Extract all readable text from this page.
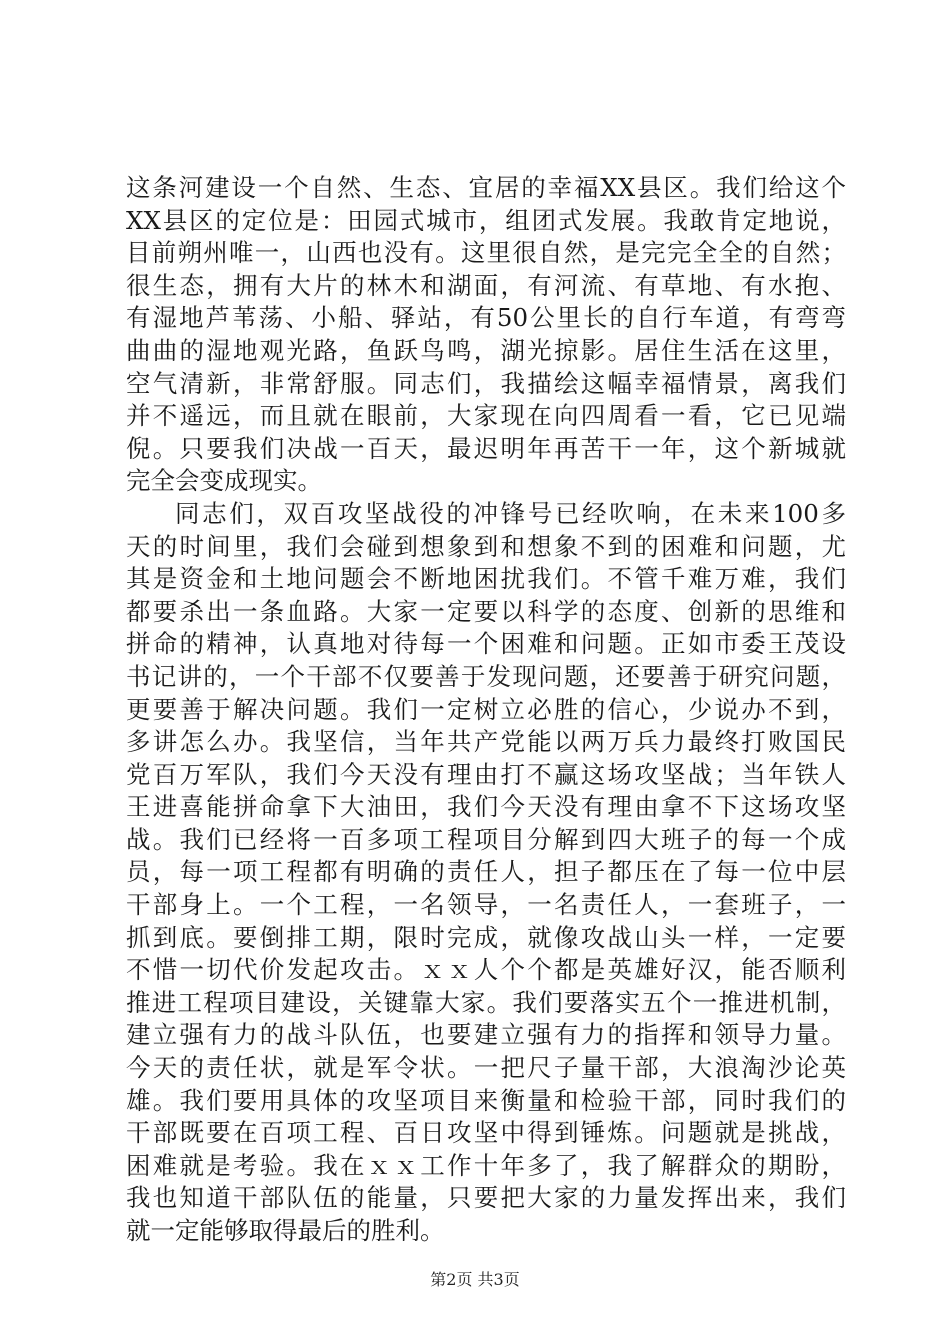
这条河建设一个自然、生态、宜居的幸福XX县区。我们给这个
XX县区的定位是：田园式城市，组团式发展。我敢肯定地说，
目前朔州唯一，山西也没有。这里很自然，是完完全全的自然；
很生态，拥有大片的林木和湖面，有河流、有草地、有水抱、
有湿地芦苇荡、小船、驿站，有50公里长的自行车道，有弯弯
曲曲的湿地观光路，鱼跃鸟鸣，湖光掠影。居住生活在这里，
空气清新，非常舒服。同志们，我描绘这幅幸福情景，离我们
并不遥远，而且就在眼前，大家现在向四周看一看，它已见端
倪。只要我们决战一百天，最迟明年再苦干一年，这个新城就
完全会变成现实。
同志们，双百攻坚战役的冲锋号已经吹响，在未来100多
天的时间里，我们会碰到想象到和想象不到的困难和问题，尤
其是资金和土地问题会不断地困扰我们。不管千难万难，我们
都要杀出一条血路。大家一定要以科学的态度、创新的思维和
拼命的精神，认真地对待每一个困难和问题。正如市委王茂设
书记讲的，一个干部不仅要善于发现问题，还要善于研究问题，
更要善于解决问题。我们一定树立必胜的信心，少说办不到，
多讲怎么办。我坚信，当年共产党能以两万兵力最终打败国民
党百万军队，我们今天没有理由打不赢这场攻坚战；当年铁人
王进喜能拼命拿下大油田，我们今天没有理由拿不下这场攻坚
战。我们已经将一百多项工程项目分解到四大班子的每一个成
员，每一项工程都有明确的责任人，担子都压在了每一位中层
干部身上。一个工程，一名领导，一名责任人，一套班子，一
抓到底。要倒排工期，限时完成，就像攻战山头一样，一定要
不惜一切代价发起攻击。ｘｘ人个个都是英雄好汉，能否顺利
推进工程项目建设，关键靠大家。我们要落实五个一推进机制，
建立强有力的战斗队伍，也要建立强有力的指挥和领导力量。
今天的责任状，就是军令状。一把尺子量干部，大浪淘沙论英
雄。我们要用具体的攻坚项目来衡量和检验干部，同时我们的
干部既要在百项工程、百日攻坚中得到锤炼。问题就是挑战，
困难就是考验。我在ｘｘ工作十年多了，我了解群众的期盼，
我也知道干部队伍的能量，只要把大家的力量发挥出来，我们
就一定能够取得最后的胜利。
第2页 共3页
